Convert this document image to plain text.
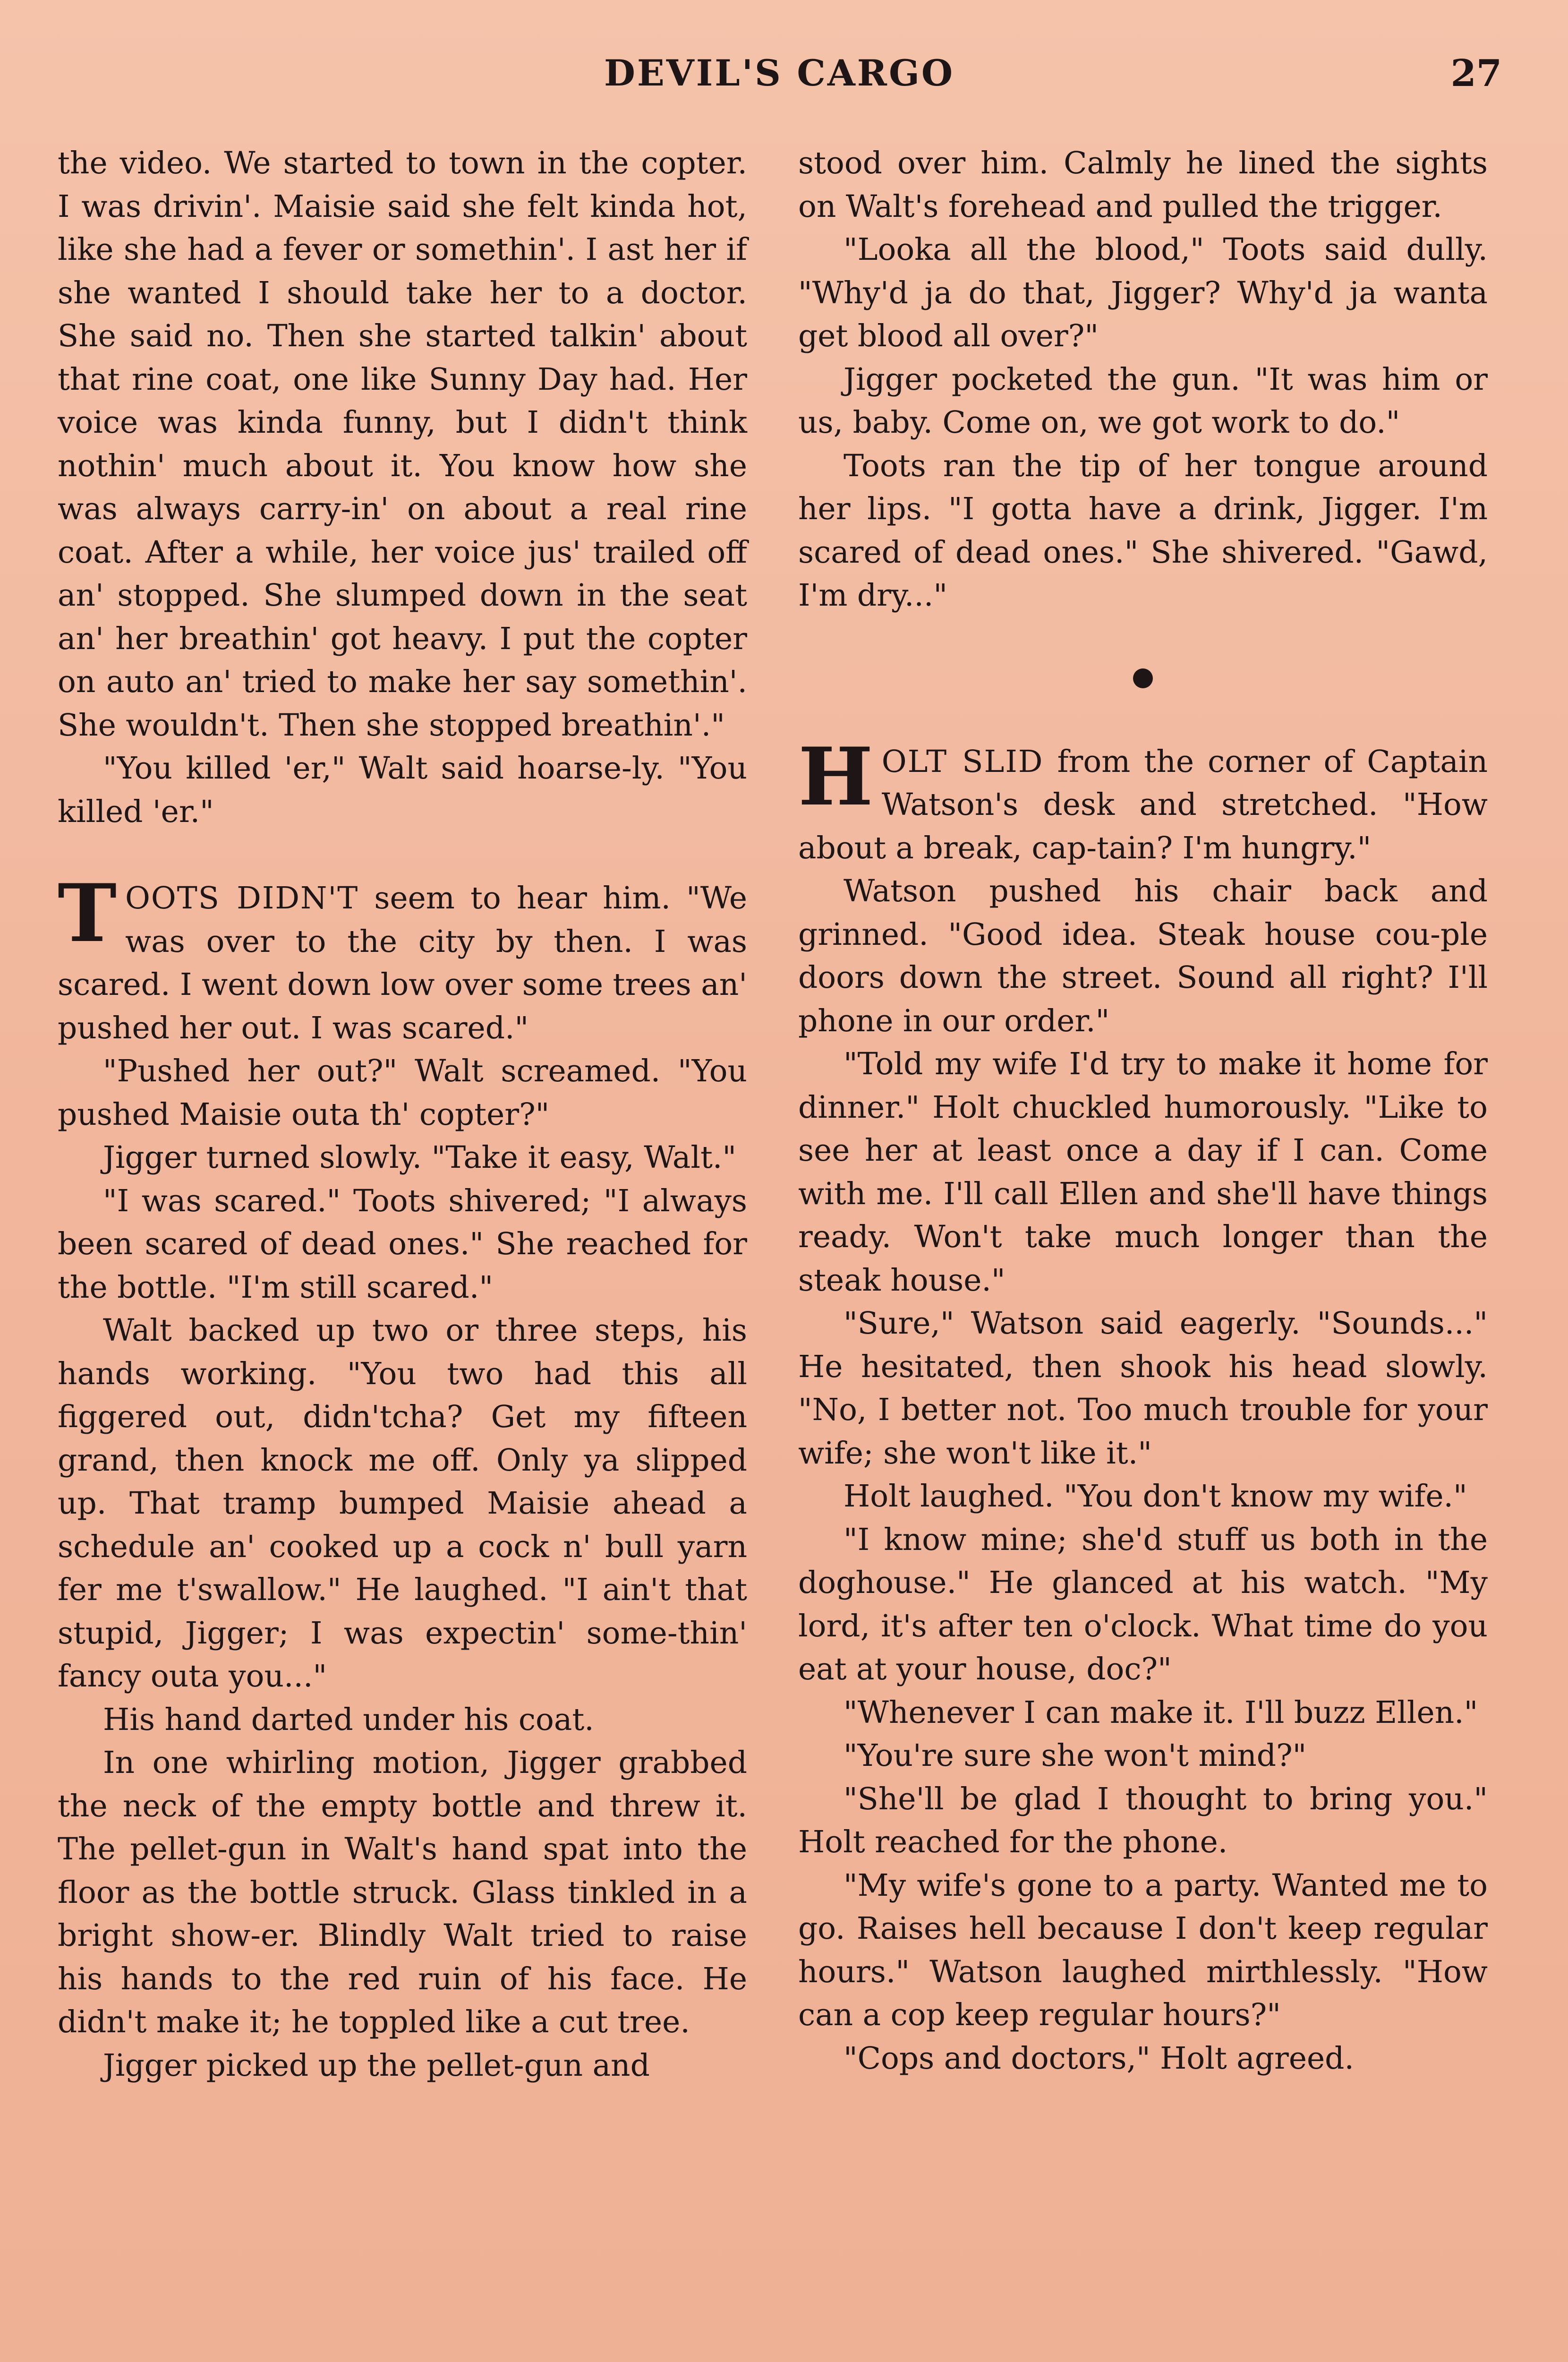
DEVIL'S CARGO	27

the video. We started to town in the copter. I was drivin'. Maisie said she felt kinda hot, like she had a fever or somethin'. I ast her if she wanted I should take her to a doctor. She said no. Then she started talkin' about that rine coat, one like Sunny Day had. Her voice was kinda funny, but I didn't think nothin' much about it. You know how she was always carry-in' on about a real rine coat. After a while, her voice jus' trailed off an' stopped. She slumped down in the seat an' her breathin' got heavy. I put the copter on auto an' tried to make her say somethin'. She wouldn't. Then she stopped breathin'."

"You killed 'er," Walt said hoarse-ly. "You killed 'er."

TOOTS DIDN'T seem to hear him. "We was over to the city by then. I was scared. I went down low over some trees an' pushed her out. I was scared."

"Pushed her out?" Walt screamed. "You pushed Maisie outa th' copter?"

Jigger turned slowly. "Take it easy, Walt."

"I was scared." Toots shivered; "I always been scared of dead ones." She reached for the bottle. "I'm still scared."

Walt backed up two or three steps, his hands working. "You two had this all figgered out, didn'tcha? Get my fifteen grand, then knock me off. Only ya slipped up. That tramp bumped Maisie ahead a schedule an' cooked up a cock n' bull yarn fer me t'swallow." He laughed. "I ain't that stupid, Jigger; I was expectin' some-thin' fancy outa you..."

His hand darted under his coat.

In one whirling motion, Jigger grabbed the neck of the empty bottle and threw it. The pellet-gun in Walt's hand spat into the floor as the bottle struck. Glass tinkled in a bright show-er. Blindly Walt tried to raise his hands to the red ruin of his face. He didn't make it; he toppled like a cut tree.

Jigger picked up the pellet-gun and

stood over him. Calmly he lined the sights on Walt's forehead and pulled the trigger.

"Looka all the blood," Toots said dully. "Why'd ja do that, Jigger? Why'd ja wanta get blood all over?"

Jigger pocketed the gun. "It was him or us, baby. Come on, we got work to do."

Toots ran the tip of her tongue around her lips. "I gotta have a drink, Jigger. I'm scared of dead ones." She shivered. "Gawd, I'm dry..."

HOLT SLID from the corner of Captain Watson's desk and stretched. "How about a break, cap-tain? I'm hungry."

Watson pushed his chair back and grinned. "Good idea. Steak house cou-ple doors down the street. Sound all right? I'll phone in our order."

"Told my wife I'd try to make it home for dinner." Holt chuckled humorously. "Like to see her at least once a day if I can. Come with me. I'll call Ellen and she'll have things ready. Won't take much longer than the steak house."

"Sure," Watson said eagerly. "Sounds..." He hesitated, then shook his head slowly. "No, I better not. Too much trouble for your wife; she won't like it."

Holt laughed. "You don't know my wife."

"I know mine; she'd stuff us both in the doghouse." He glanced at his watch. "My lord, it's after ten o'clock. What time do you eat at your house, doc?"

"Whenever I can make it. I'll buzz Ellen."

"You're sure she won't mind?"

"She'll be glad I thought to bring you." Holt reached for the phone.

"My wife's gone to a party. Wanted me to go. Raises hell because I don't keep regular hours." Watson laughed mirthlessly. "How can a cop keep regular hours?"

"Cops and doctors," Holt agreed.
